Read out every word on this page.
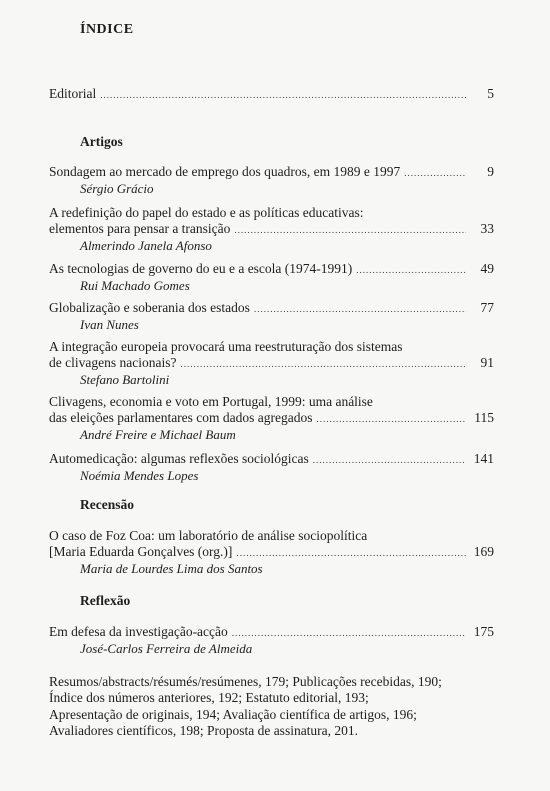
ÍNDICE
Editorial .....	5
Artigos
Sondagem ao mercado de emprego dos quadros, em 1989 e 1997 .....	9
Sérgio Grácio
A redefinição do papel do estado e as políticas educativas:
elementos para pensar a transição .....	33
Almerindo Janela Afonso
As tecnologias de governo do eu e a escola (1974-1991) .....	49
Rui Machado Gomes
Globalização e soberania dos estados .....	77
Ivan Nunes
A integração europeia provocará uma reestruturação dos sistemas
de clivagens nacionais? .....	91
Stefano Bartolini
Clivagens, economia e voto em Portugal, 1999: uma análise
das eleições parlamentares com dados agregados .....	115
André Freire e Michael Baum
Automedicação: algumas reflexões sociológicas .....	141
Noémia Mendes Lopes
Recensão
O caso de Foz Coa: um laboratório de análise sociopolítica
[Maria Eduarda Gonçalves (org.)] .....	169
Maria de Lourdes Lima dos Santos
Reflexão
Em defesa da investigação-acção .....	175
José-Carlos Ferreira de Almeida
Resumos/abstracts/résumés/resúmenes, 179; Publicações recebidas, 190;
Índice dos números anteriores, 192; Estatuto editorial, 193;
Apresentação de originais, 194; Avaliação científica de artigos, 196;
Avaliadores científicos, 198; Proposta de assinatura, 201.
